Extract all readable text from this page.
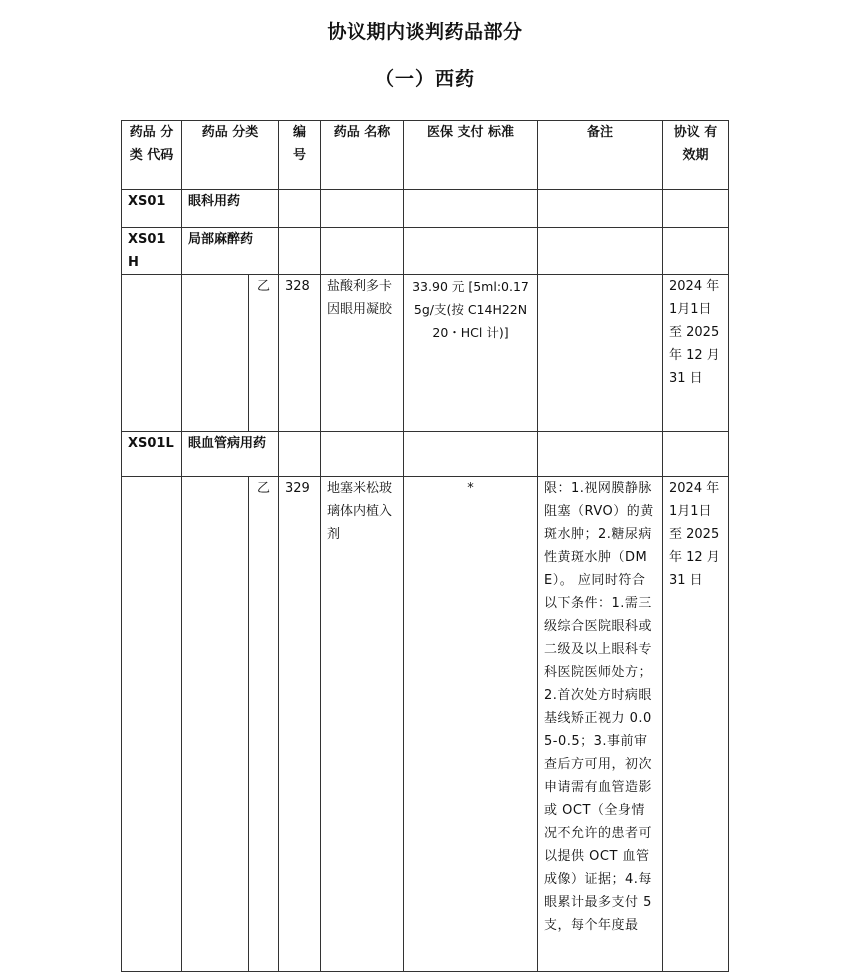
协议期内谈判药品部分
（一）西药
药品 分类 代码	药品 分类		编 号	药品 名称	医保 支付 标准	备注	协议 有效期
XS01	眼科用药						
XS01H	局部麻醉药						
		乙	328	盐酸利多卡因眼用凝胶	33.90 元 [5ml:0.175g/支(按 C14H22N20・HCl 计)]		2024 年 1月1日 至 2025 年 12 月 31 日
XS01L	眼血管病用药						
		乙	329	地塞米松玻璃体内植入剂	*	限：1.视网膜静脉阻塞（RVO）的黄斑水肿；2.糖尿病性黄斑水肿（DME）。 应同时符合以下条件：1.需三级综合医院眼科或二级及以上眼科专科医院医师处方；2.首次处方时病眼基线矫正视力 0.05-0.5；3.事前审查后方可用，初次申请需有血管造影或 OCT（全身情况不允许的患者可以提供 OCT 血管成像）证据；4.每眼累计最多支付 5 支，每个年度最	2024 年 1月1日 至 2025 年 12 月 31 日
